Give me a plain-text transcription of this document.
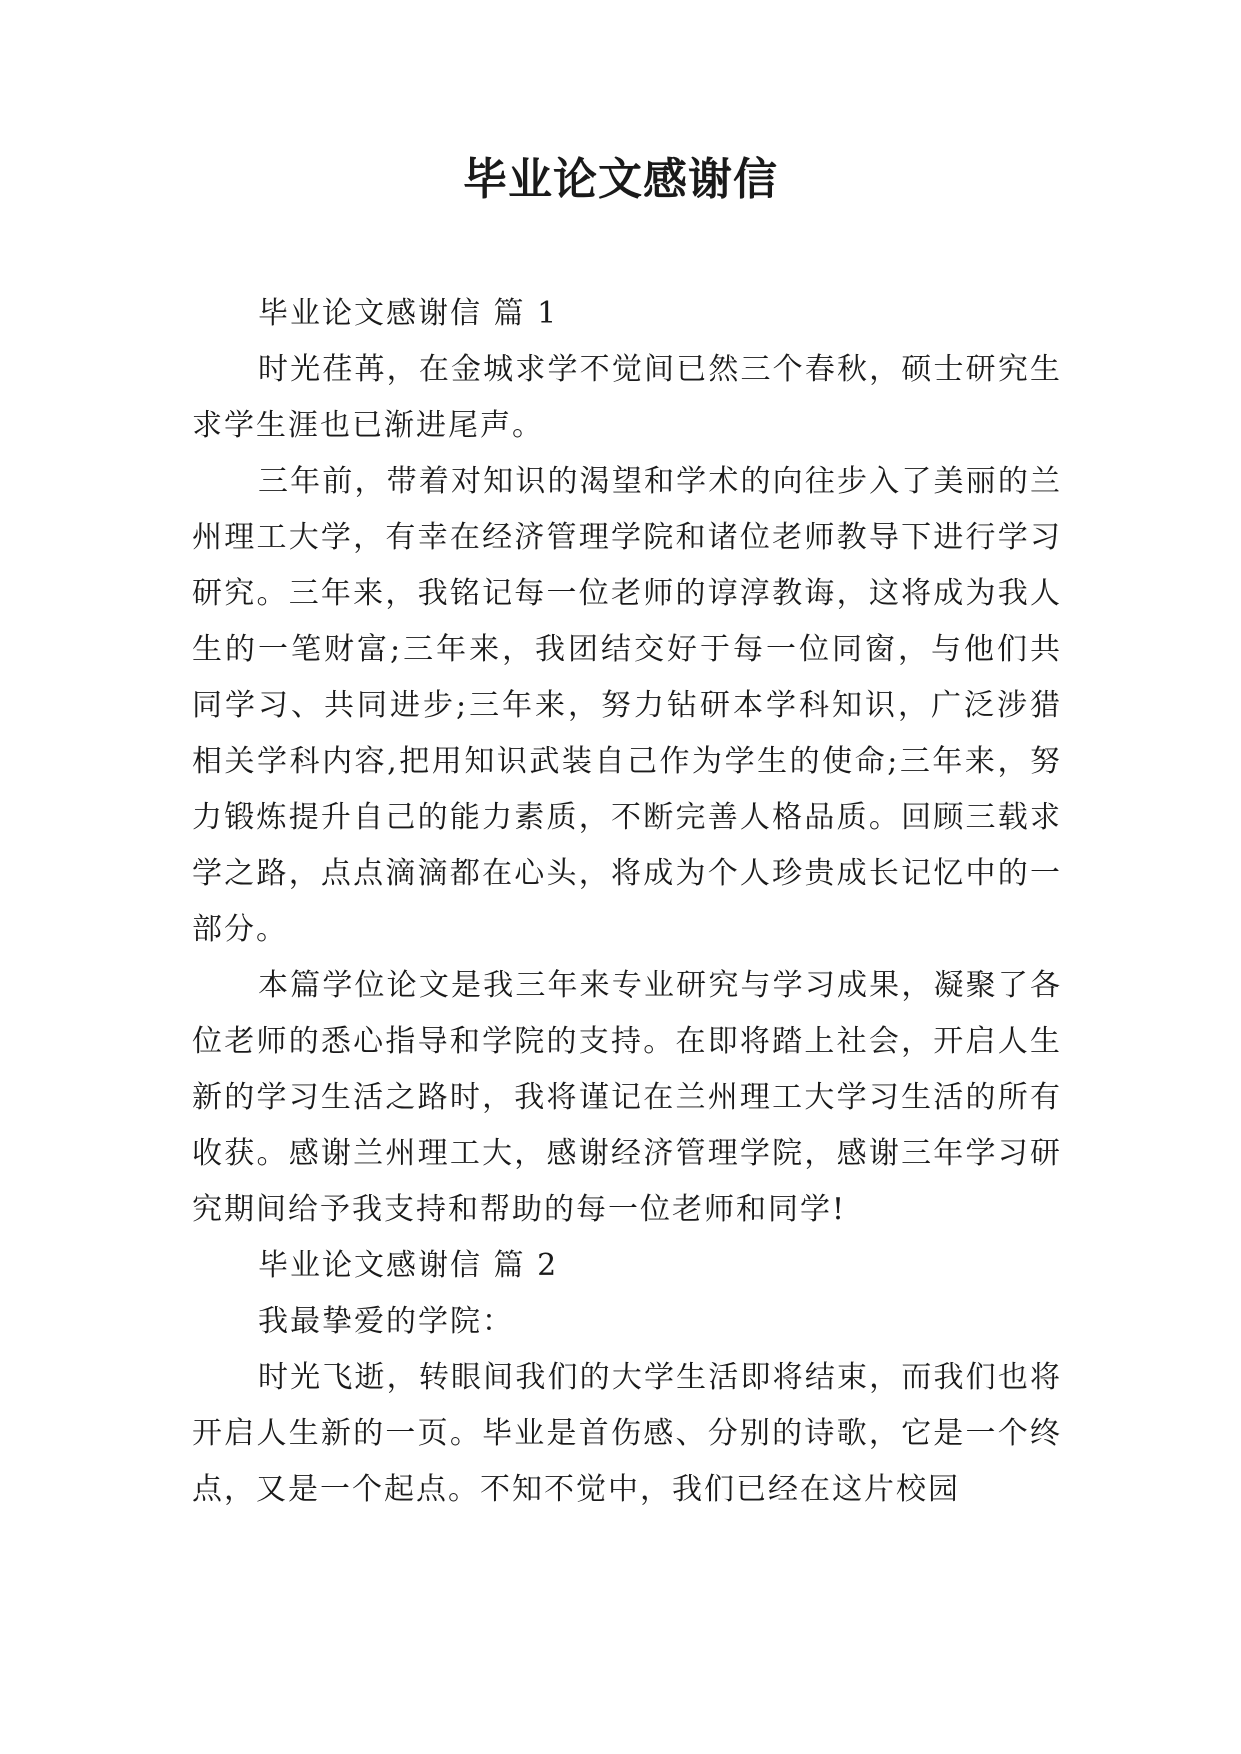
毕业论文感谢信

毕业论文感谢信 篇 1

时光荏苒，在金城求学不觉间已然三个春秋，硕士研究生求学生涯也已渐进尾声。

三年前，带着对知识的渴望和学术的向往步入了美丽的兰州理工大学，有幸在经济管理学院和诸位老师教导下进行学习研究。三年来，我铭记每一位老师的谆淳教诲，这将成为我人生的一笔财富;三年来，我团结交好于每一位同窗，与他们共同学习、共同进步;三年来，努力钻研本学科知识，广泛涉猎相关学科内容,把用知识武装自己作为学生的使命;三年来，努力锻炼提升自己的能力素质，不断完善人格品质。回顾三载求学之路，点点滴滴都在心头，将成为个人珍贵成长记忆中的一部分。

本篇学位论文是我三年来专业研究与学习成果，凝聚了各位老师的悉心指导和学院的支持。在即将踏上社会，开启人生新的学习生活之路时，我将谨记在兰州理工大学习生活的所有收获。感谢兰州理工大，感谢经济管理学院，感谢三年学习研究期间给予我支持和帮助的每一位老师和同学!

毕业论文感谢信 篇 2

我最挚爱的学院：

时光飞逝，转眼间我们的大学生活即将结束，而我们也将开启人生新的一页。毕业是首伤感、分别的诗歌，它是一个终点，又是一个起点。不知不觉中，我们已经在这片校园
